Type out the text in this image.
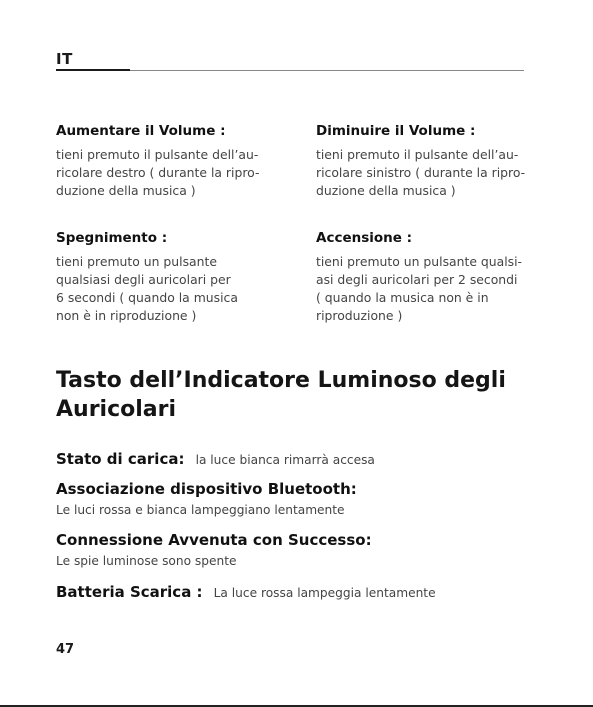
IT
Aumentare il Volume :
tieni premuto il pulsante dell’au-
ricolare destro ( durante la ripro-
duzione della musica )
Diminuire il Volume :
tieni premuto il pulsante dell’au-
ricolare sinistro ( durante la ripro-
duzione della musica )
Spegnimento :
tieni premuto un pulsante
qualsiasi degli auricolari per
6 secondi ( quando la musica
non è in riproduzione )
Accensione :
tieni premuto un pulsante qualsi-
asi degli auricolari per 2 secondi
( quando la musica non è in
riproduzione )
Tasto dell’Indicatore Luminoso degli
Auricolari
Stato di carica: la luce bianca rimarrà accesa
Associazione dispositivo Bluetooth:
Le luci rossa e bianca lampeggiano lentamente
Connessione Avvenuta con Successo:
Le spie luminose sono spente
Batteria Scarica : La luce rossa lampeggia lentamente
47
